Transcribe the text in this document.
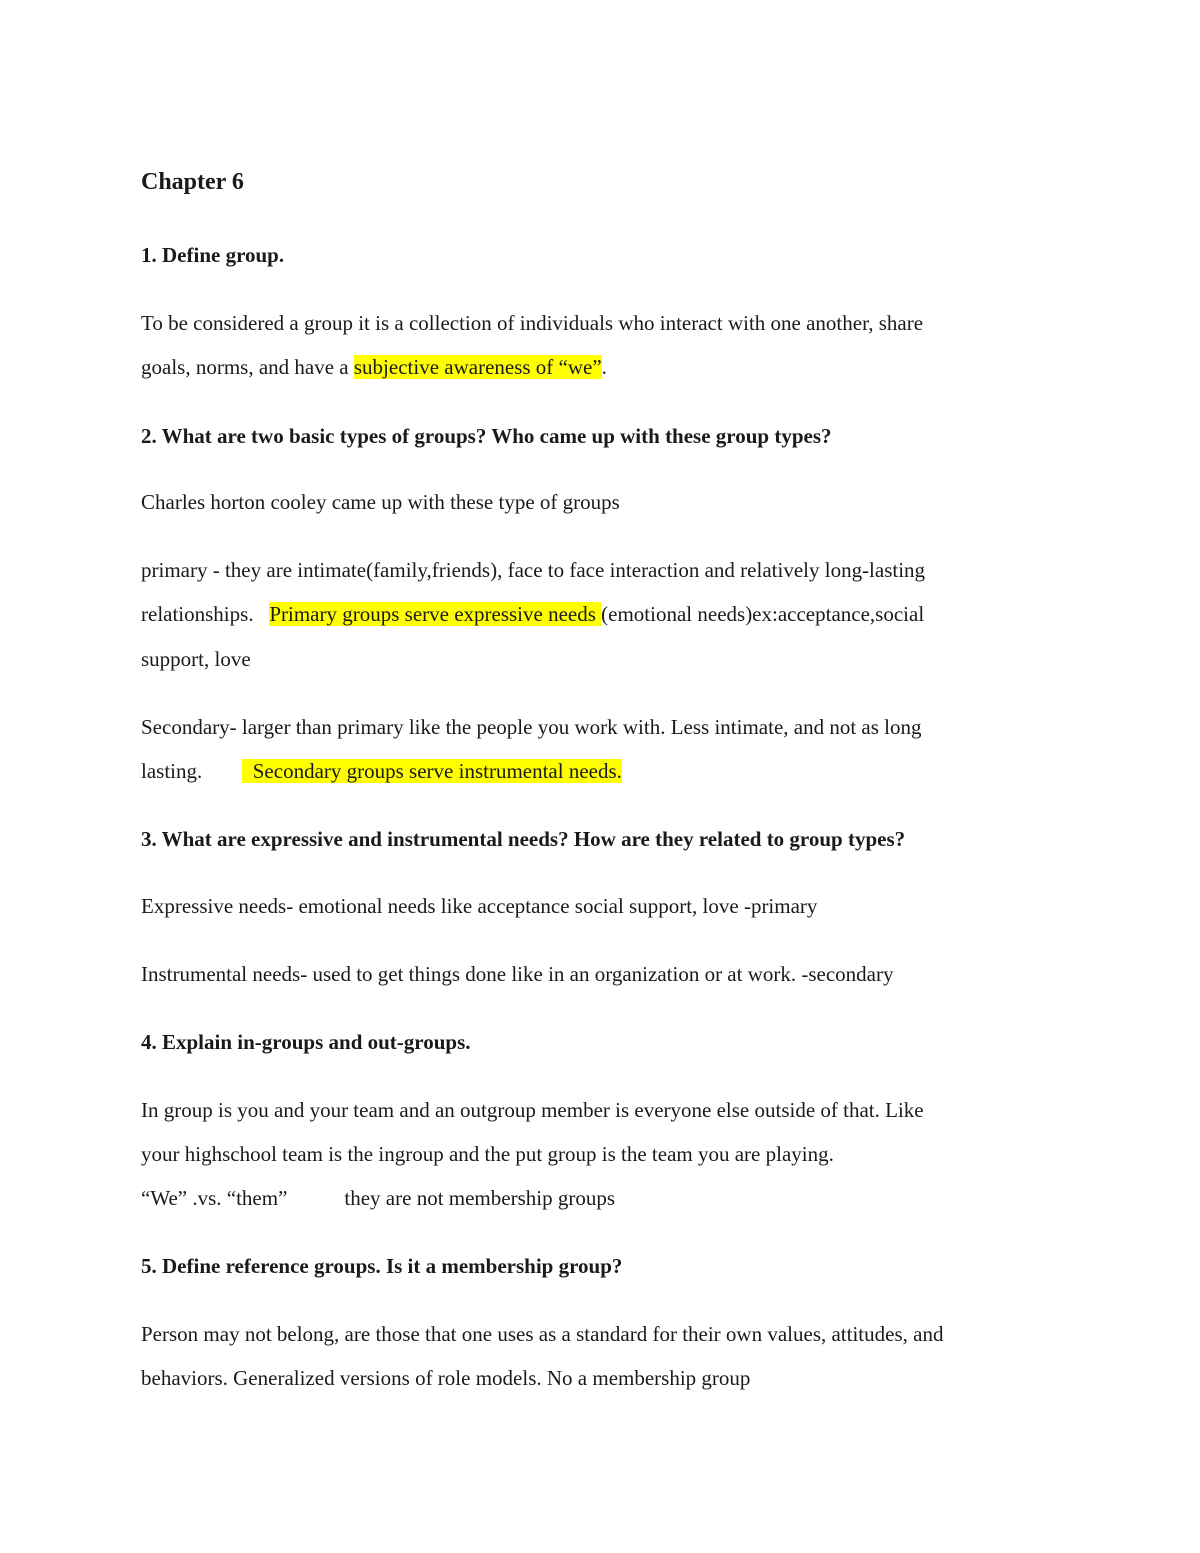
Chapter 6
1. Define group.
To be considered a group it is a collection of individuals who interact with one another, share
goals, norms, and have a subjective awareness of “we”.
2. What are two basic types of groups? Who came up with these group types?
Charles horton cooley came up with these type of groups
primary - they are intimate(family,friends), face to face interaction and relatively long-lasting
relationships.   Primary groups serve expressive needs (emotional needs)ex:acceptance,social
support, love
Secondary- larger than primary like the people you work with. Less intimate, and not as long
lasting.  Secondary groups serve instrumental needs.
3. What are expressive and instrumental needs? How are they related to group types?
Expressive needs- emotional needs like acceptance social support, love -primary
Instrumental needs- used to get things done like in an organization or at work. -secondary
4. Explain in-groups and out-groups.
In group is you and your team and an outgroup member is everyone else outside of that. Like
your highschool team is the ingroup and the put group is the team you are playing.
“We” .vs. “them”	they are not membership groups
5. Define reference groups. Is it a membership group?
Person may not belong, are those that one uses as a standard for their own values, attitudes, and
behaviors. Generalized versions of role models. No a membership group
